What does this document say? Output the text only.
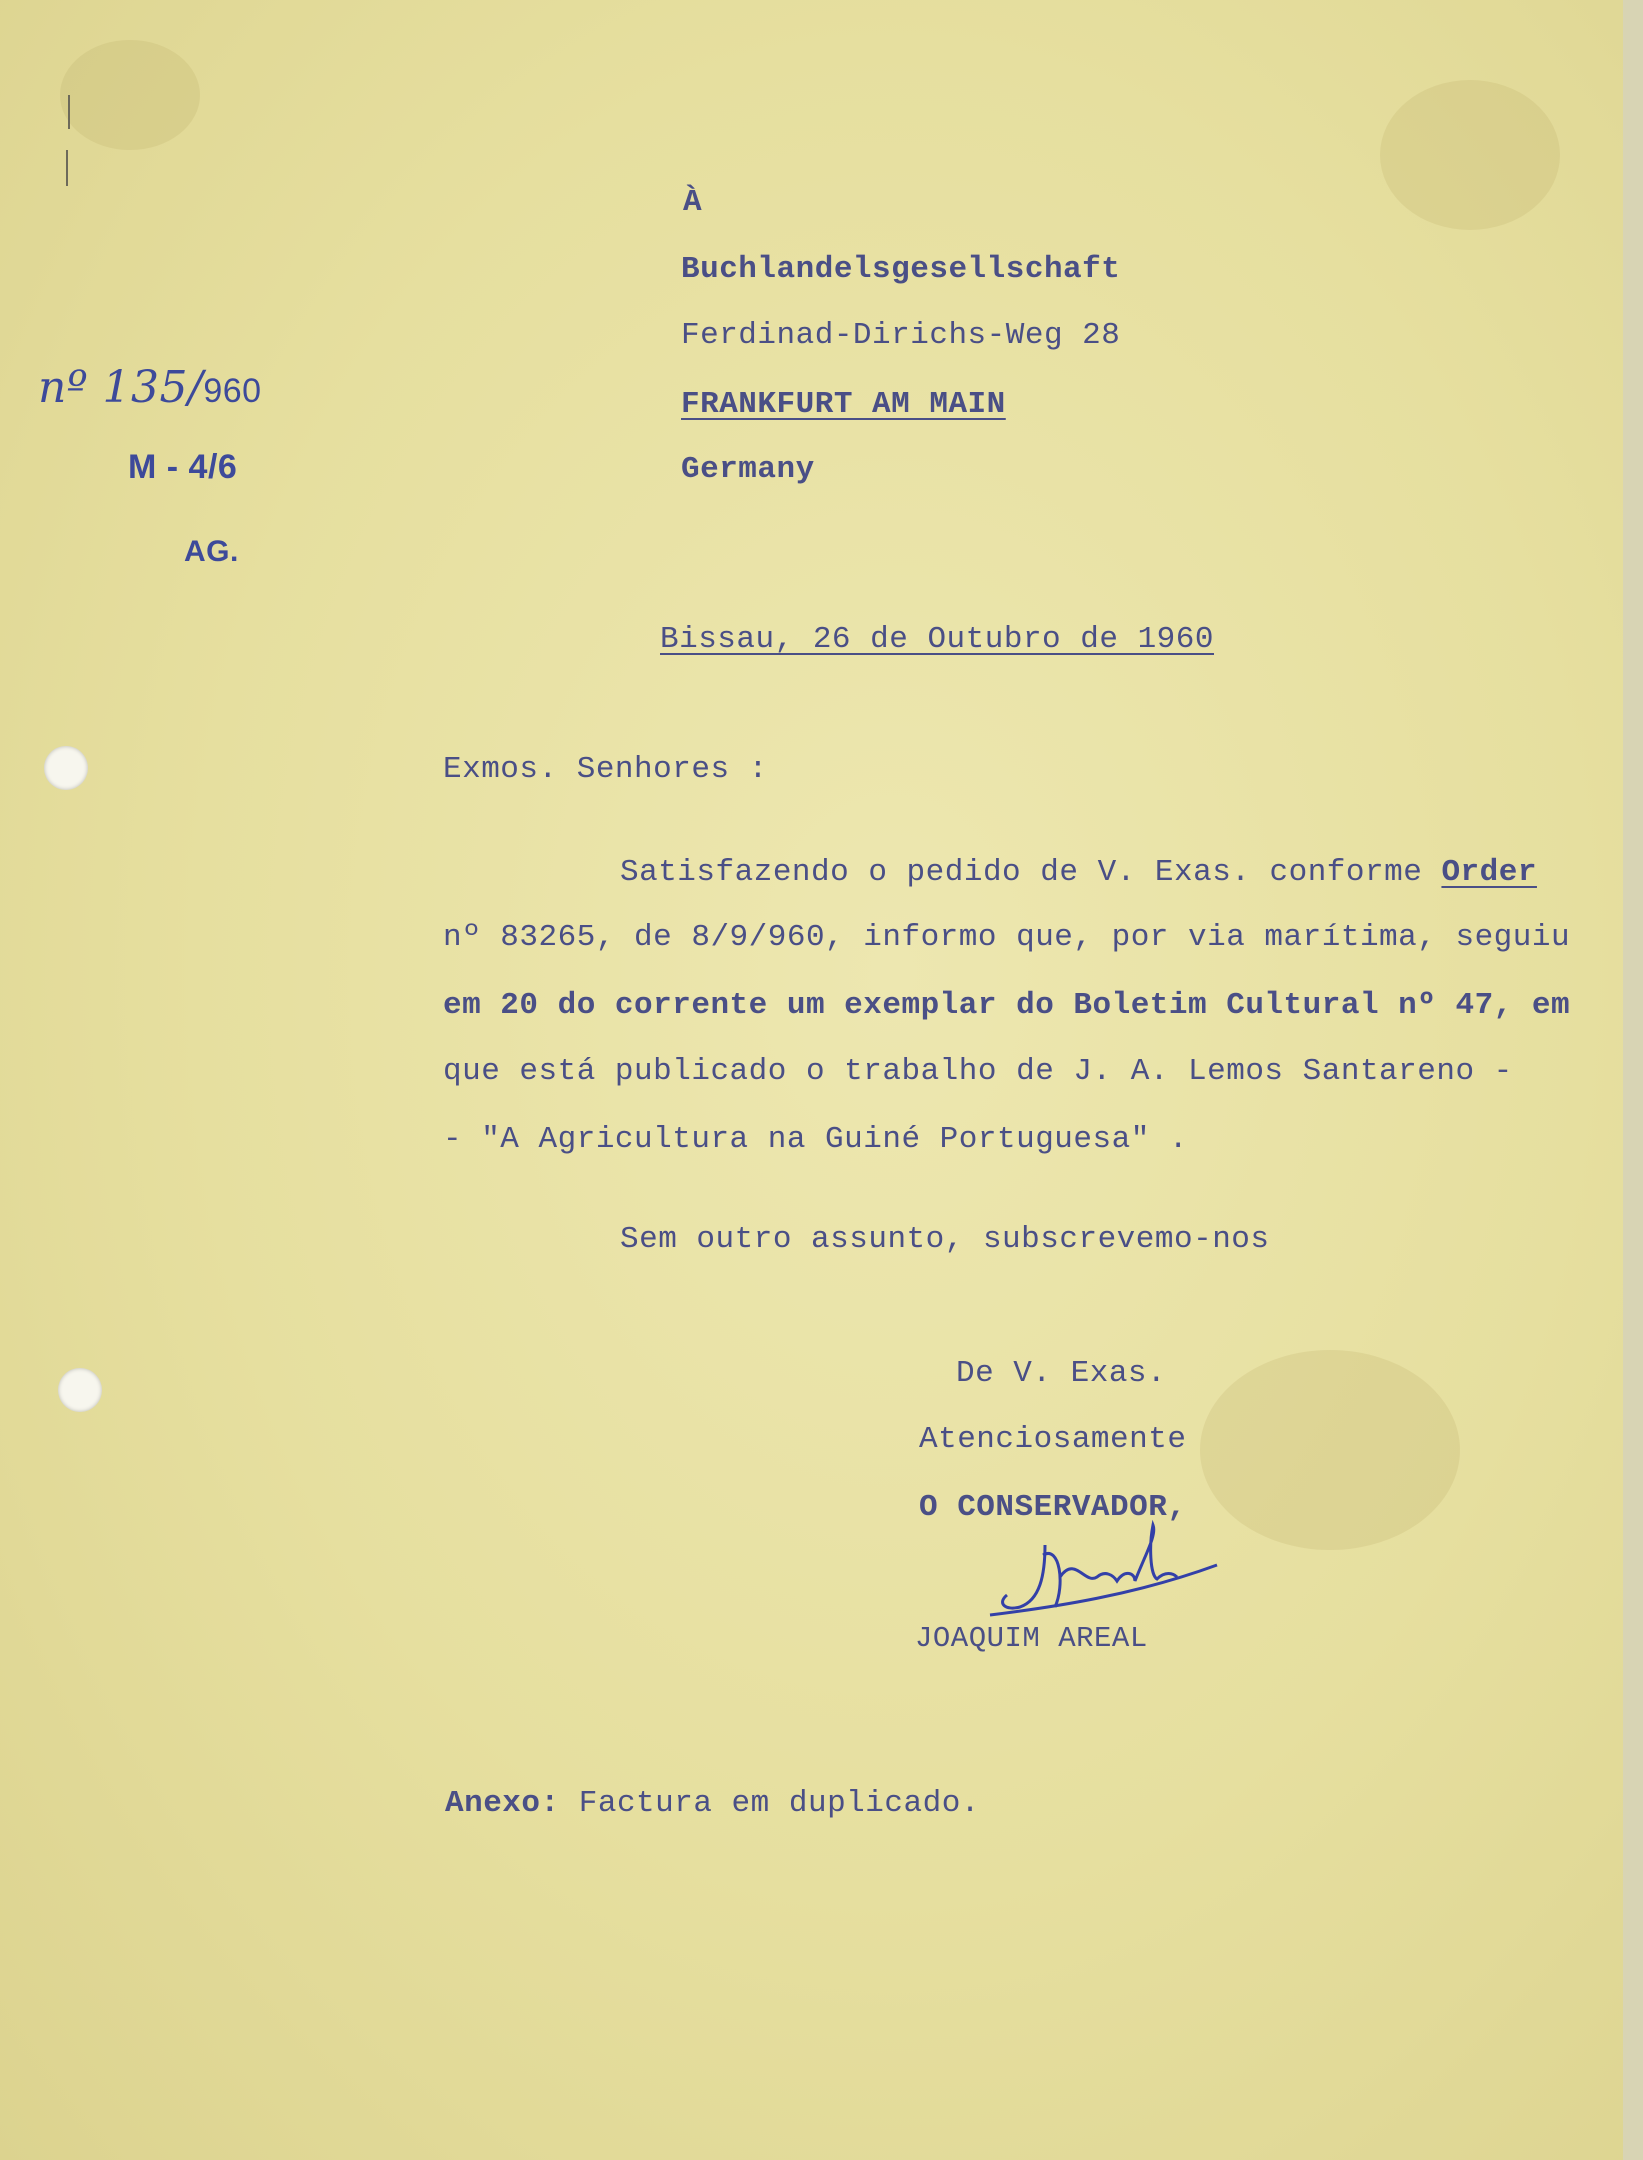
nº 135/960
M - 4/6
AG.
À
Buchlandelsgesellschaft
Ferdinad-Dirichs-Weg 28
FRANKFURT AM MAIN
Germany
Bissau, 26 de Outubro de 1960
Exmos. Senhores :
Satisfazendo o pedido de V. Exas. conforme Order
nº 83265, de 8/9/960, informo que, por via marítima, seguiu
em 20 do corrente um exemplar do Boletim Cultural nº 47, em
que está publicado o trabalho de J. A. Lemos Santareno -
- "A Agricultura na Guiné Portuguesa" .
Sem outro assunto, subscrevemo-nos
De V. Exas.
Atenciosamente
O CONSERVADOR,
JOAQUIM AREAL
Anexo: Factura em duplicado.
